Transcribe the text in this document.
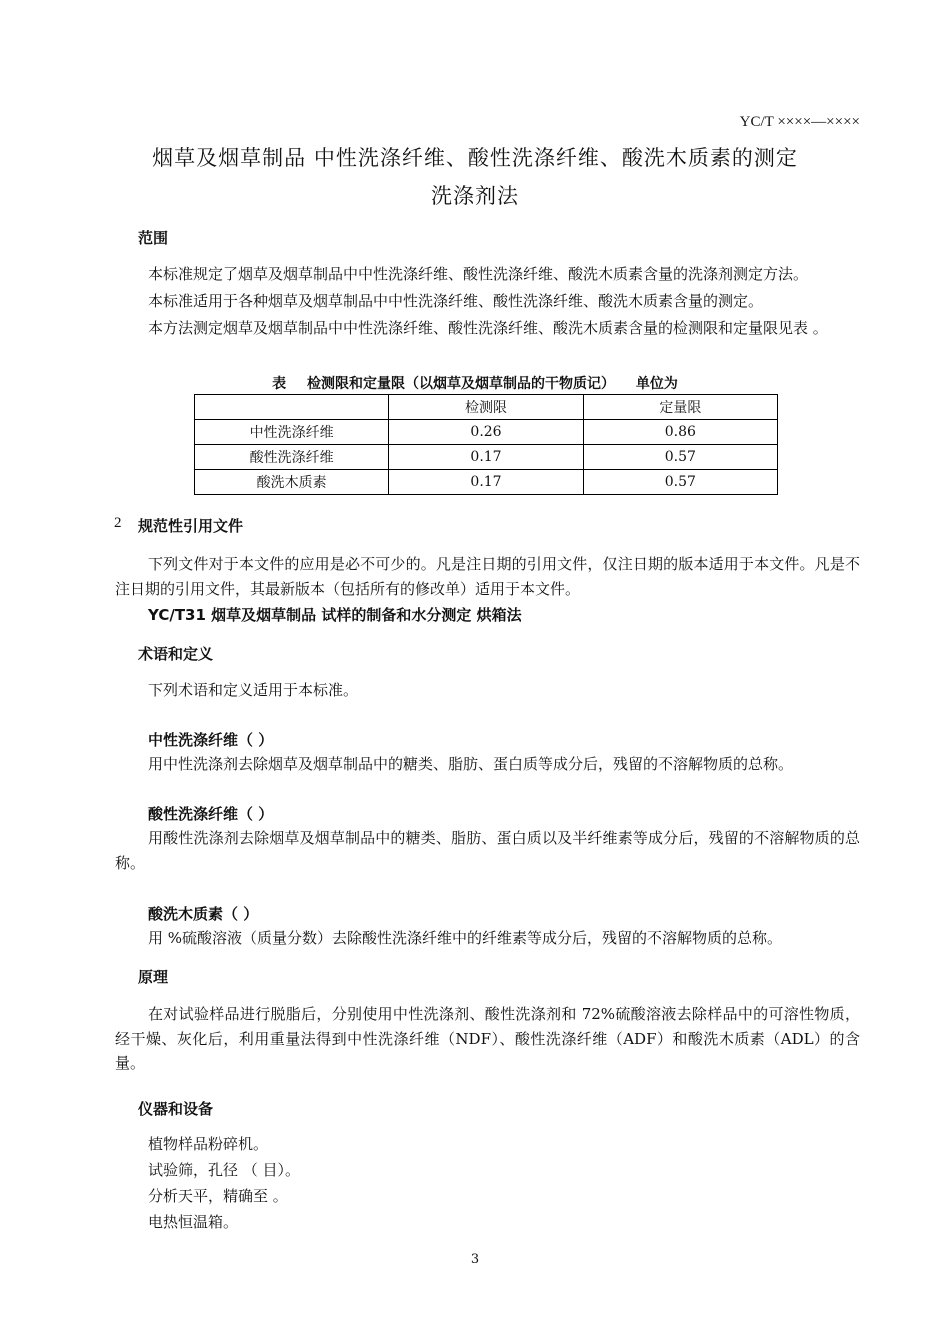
YC/T ××××—××××
烟草及烟草制品 中性洗涤纤维、酸性洗涤纤维、酸洗木质素的测定
洗涤剂法
范围
本标准规定了烟草及烟草制品中中性洗涤纤维、酸性洗涤纤维、酸洗木质素含量的洗涤剂测定方法。
本标准适用于各种烟草及烟草制品中中性洗涤纤维、酸性洗涤纤维、酸洗木质素含量的测定。
本方法测定烟草及烟草制品中中性洗涤纤维、酸性洗涤纤维、酸洗木质素含量的检测限和定量限见表 。
表 检测限和定量限（以烟草及烟草制品的干物质记） 单位为
	检测限	定量限
中性洗涤纤维	0.26	0.86
酸性洗涤纤维	0.17	0.57
酸洗木质素	0.17	0.57
2 规范性引用文件
下列文件对于本文件的应用是必不可少的。凡是注日期的引用文件，仅注日期的版本适用于本文件。凡是不注日期的引用文件，其最新版本（包括所有的修改单）适用于本文件。
YC/T31 烟草及烟草制品 试样的制备和水分测定 烘箱法
术语和定义
下列术语和定义适用于本标准。
中性洗涤纤维（ ）
用中性洗涤剂去除烟草及烟草制品中的糖类、脂肪、蛋白质等成分后，残留的不溶解物质的总称。
酸性洗涤纤维（ ）
用酸性洗涤剂去除烟草及烟草制品中的糖类、脂肪、蛋白质以及半纤维素等成分后，残留的不溶解物质的总称。
酸洗木质素（ ）
用 %硫酸溶液（质量分数）去除酸性洗涤纤维中的纤维素等成分后，残留的不溶解物质的总称。
原理
在对试验样品进行脱脂后，分别使用中性洗涤剂、酸性洗涤剂和 72%硫酸溶液去除样品中的可溶性物质，经干燥、灰化后，利用重量法得到中性洗涤纤维（NDF）、酸性洗涤纤维（ADF）和酸洗木质素（ADL）的含量。
仪器和设备
植物样品粉碎机。
试验筛，孔径 （ 目）。
分析天平，精确至 。
电热恒温箱。
3
